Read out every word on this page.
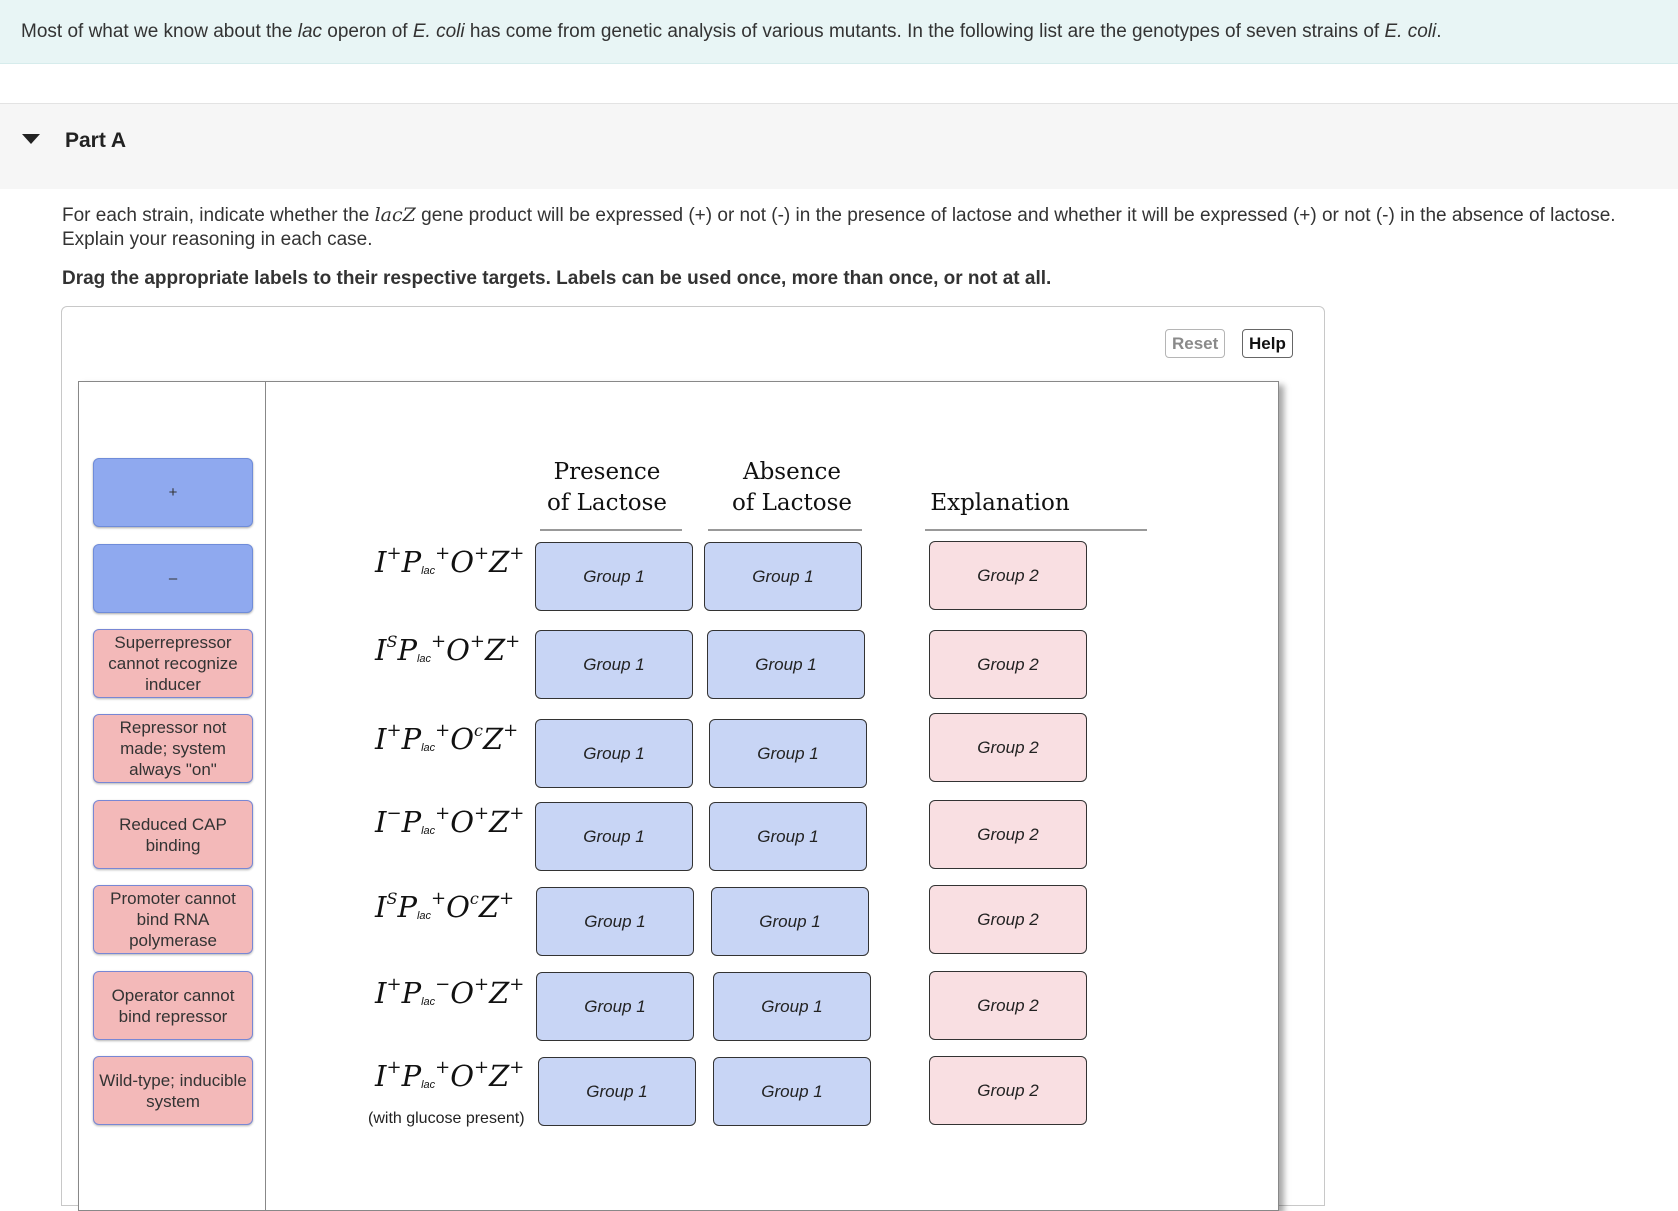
Most of what we know about the lac operon of E. coli has come from genetic analysis of various mutants. In the following list are the genotypes of seven strains of E. coli.
Part A
For each strain, indicate whether the lacZ gene product will be expressed (+) or not (-) in the presence of lactose and whether it will be expressed (+) or not (-) in the absence of lactose. Explain your reasoning in each case.
Drag the appropriate labels to their respective targets. Labels can be used once, more than once, or not at all.
Reset	Help
+
–
Superrepressor cannot recognize inducer
Repressor not made; system always "on"
Reduced CAP binding
Promoter cannot bind RNA polymerase
Operator cannot bind repressor
Wild-type; inducible system
Presence
of Lactose
Absence
of Lactose	Explanation
$I^+P_{lac}^+O^+Z^+$
Group 1	Group 1	Group 2
$I^SP_{lac}^+O^+Z^+$
Group 1	Group 1	Group 2
$I^+P_{lac}^+O^cZ^+$
Group 1	Group 1	Group 2
$I^-P_{lac}^+O^+Z^+$
Group 1	Group 1	Group 2
$I^SP_{lac}^+O^cZ^+$
Group 1	Group 1	Group 2
$I^+P_{lac}^-O^+Z^+$
Group 1	Group 1	Group 2
$I^+P_{lac}^+O^+Z^+$
(with glucose present)
Group 1	Group 1	Group 2
